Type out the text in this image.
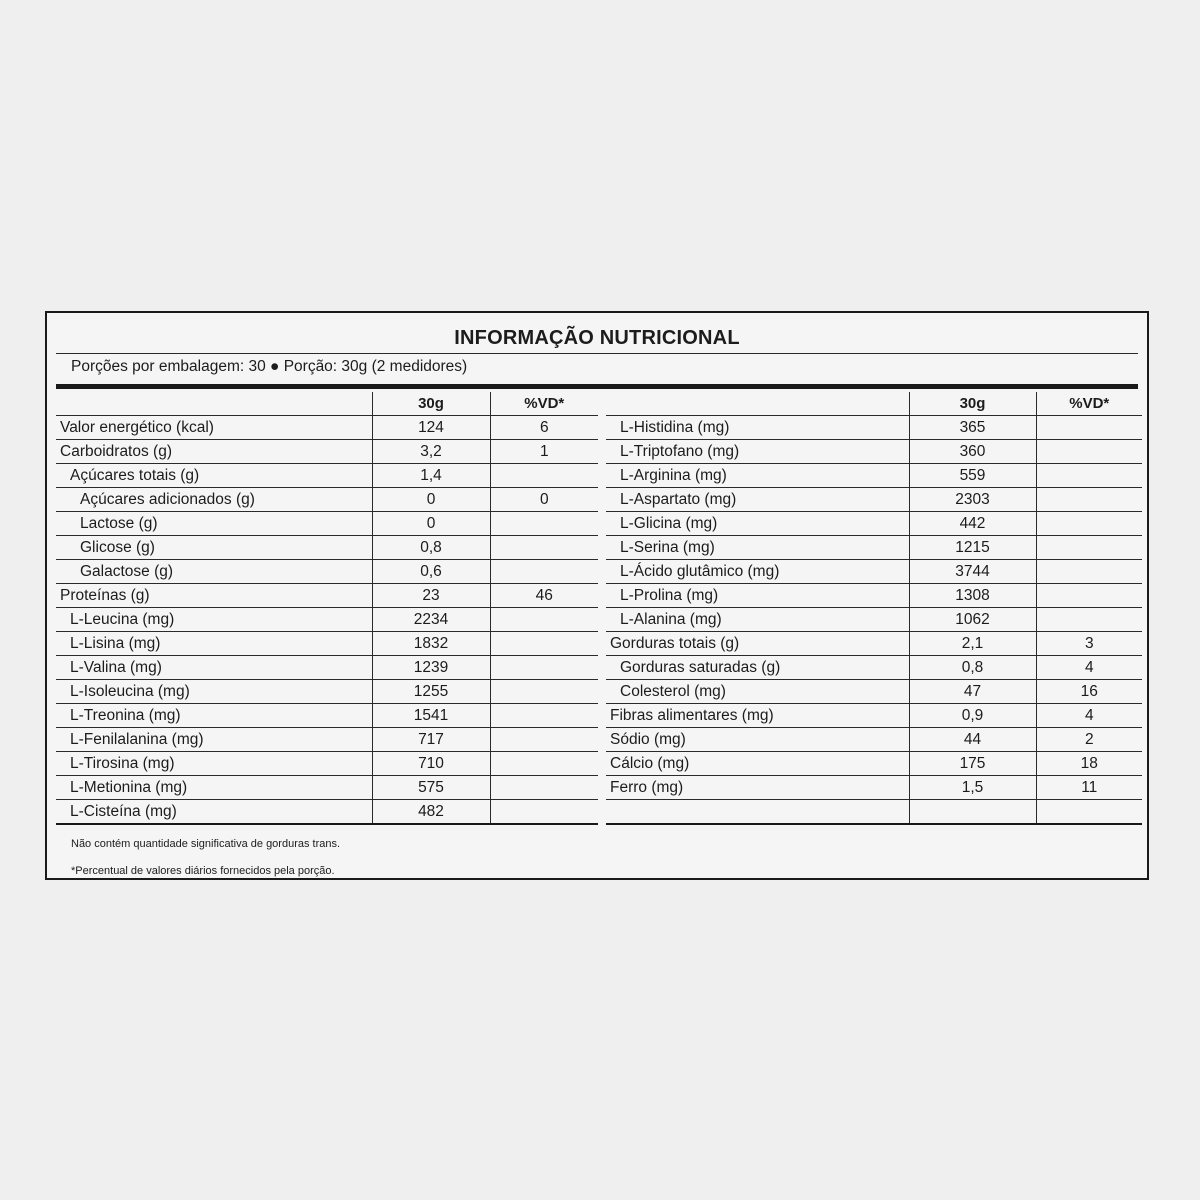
INFORMAÇÃO NUTRICIONAL
Porções por embalagem: 30 ● Porção: 30g (2 medidores)
	30g	%VD*
Valor energético (kcal)	124	6
Carboidratos (g)	3,2	1
Açúcares totais (g)	1,4	
Açúcares adicionados (g)	0	0
Lactose (g)	0	
Glicose (g)	0,8	
Galactose (g)	0,6	
Proteínas (g)	23	46
L-Leucina (mg)	2234	
L-Lisina (mg)	1832	
L-Valina (mg)	1239	
L-Isoleucina (mg)	1255	
L-Treonina (mg)	1541	
L-Fenilalanina (mg)	717	
L-Tirosina (mg)	710	
L-Metionina (mg)	575	
L-Cisteína (mg)	482	
	30g	%VD*
L-Histidina (mg)	365	
L-Triptofano (mg)	360	
L-Arginina (mg)	559	
L-Aspartato (mg)	2303	
L-Glicina (mg)	442	
L-Serina (mg)	1215	
L-Ácido glutâmico (mg)	3744	
L-Prolina (mg)	1308	
L-Alanina (mg)	1062	
Gorduras totais (g)	2,1	3
Gorduras saturadas (g)	0,8	4
Colesterol (mg)	47	16
Fibras alimentares (mg)	0,9	4
Sódio (mg)	44	2
Cálcio (mg)	175	18
Ferro (mg)	1,5	11

Não contém quantidade significativa de gorduras trans.
*Percentual de valores diários fornecidos pela porção.
